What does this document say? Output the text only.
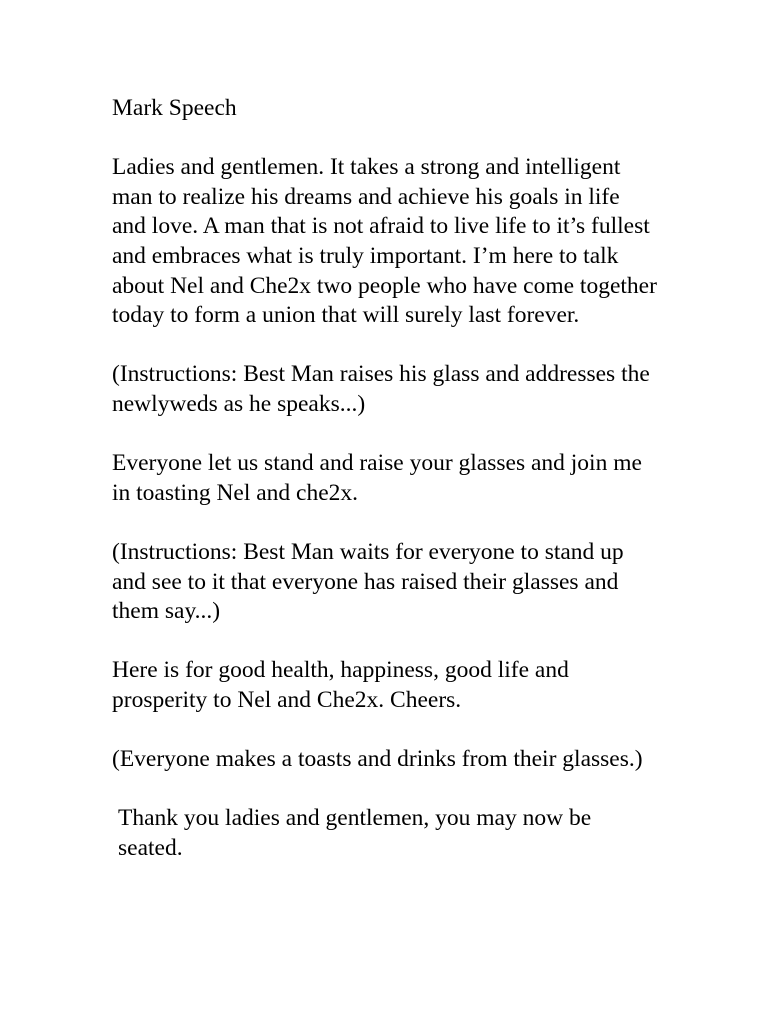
Mark Speech

Ladies and gentlemen. It takes a strong and intelligent man to realize his dreams and achieve his goals in life and love. A man that is not afraid to live life to it’s fullest and embraces what is truly important. I’m here to talk about Nel and Che2x two people who have come together today to form a union that will surely last forever.

(Instructions: Best Man raises his glass and addresses the newlyweds as he speaks...)

Everyone let us stand and raise your glasses and join me in toasting Nel and che2x.

(Instructions: Best Man waits for everyone to stand up and see to it that everyone has raised their glasses and them say...)

Here is for good health, happiness, good life and prosperity to Nel and Che2x. Cheers.

(Everyone makes a toasts and drinks from their glasses.)

Thank you ladies and gentlemen, you may now be seated.
